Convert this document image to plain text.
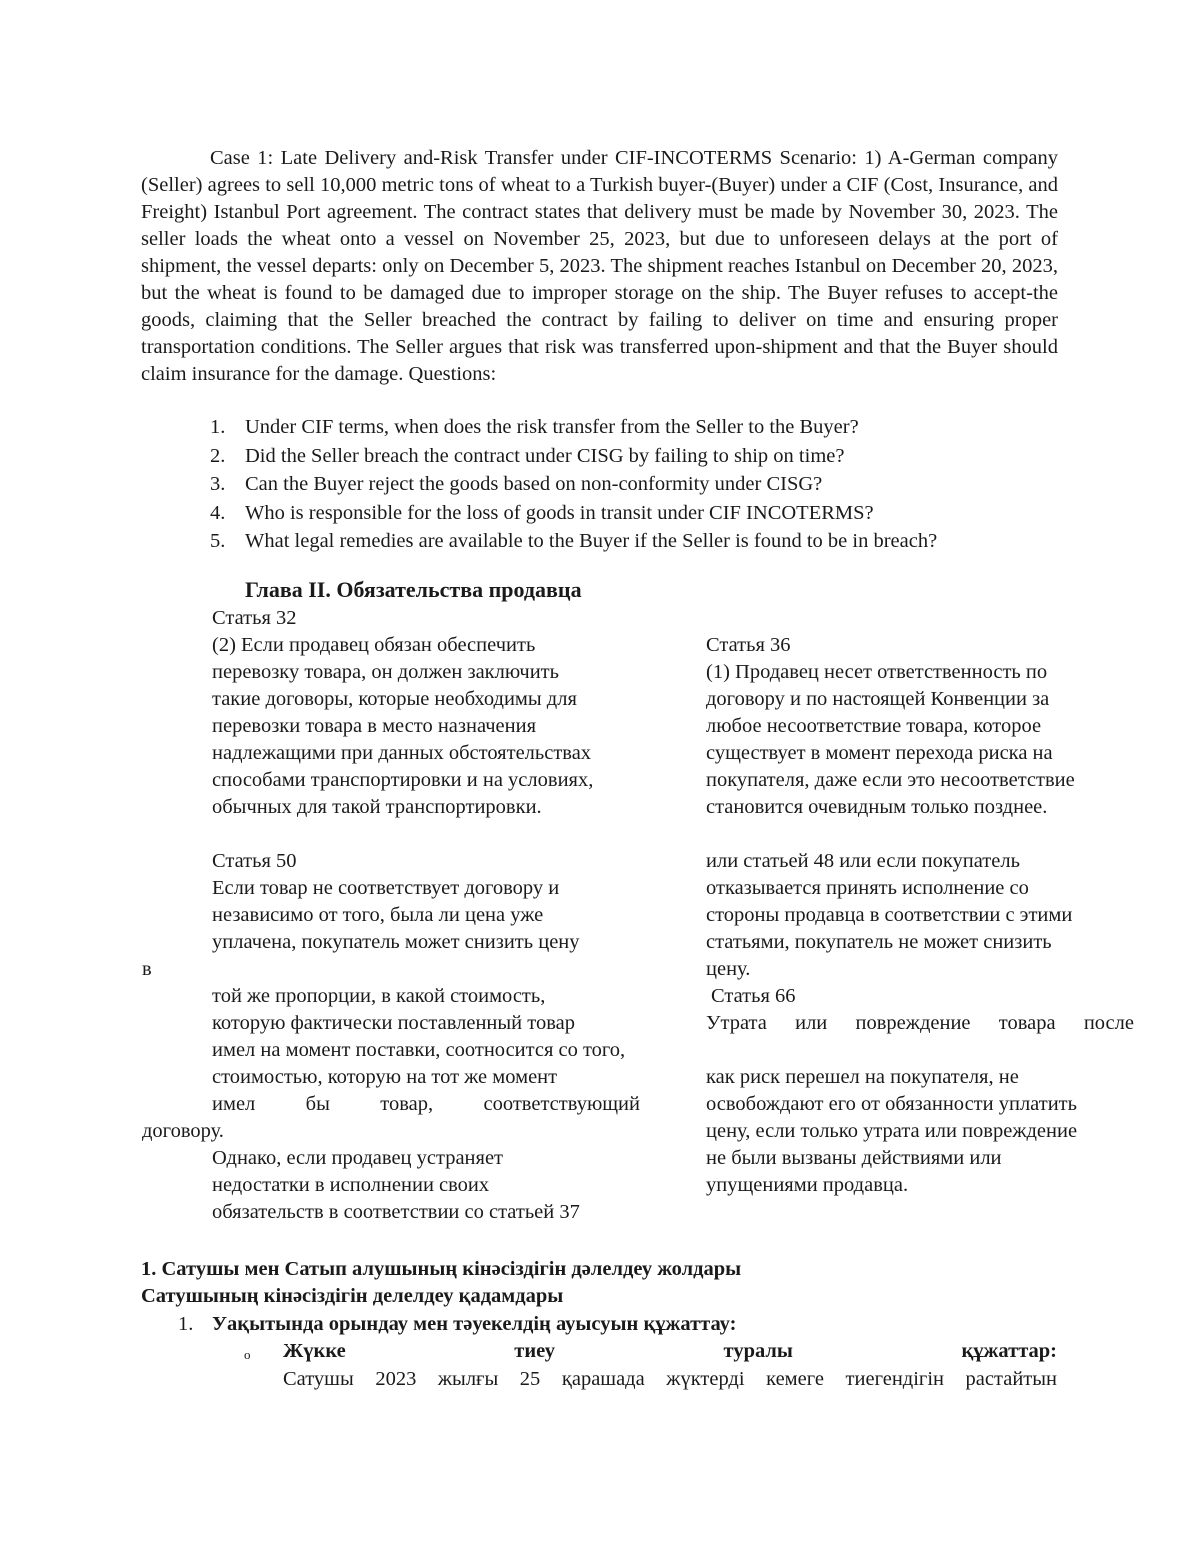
Case 1: Late Delivery and-Risk Transfer under CIF-INCOTERMS Scenario: 1) A-German company (Seller) agrees to sell 10,000 metric tons of wheat to a Turkish buyer-(Buyer) under a CIF (Cost, Insurance, and Freight) Istanbul Port agreement. The contract states that delivery must be made by November 30, 2023. The seller loads the wheat onto a vessel on November 25, 2023, but due to unforeseen delays at the port of shipment, the vessel departs: only on December 5, 2023. The shipment reaches Istanbul on December 20, 2023, but the wheat is found to be damaged due to improper storage on the ship. The Buyer refuses to accept-the goods, claiming that the Seller breached the contract by failing to deliver on time and ensuring proper transportation conditions. The Seller argues that risk was transferred upon-shipment and that the Buyer should claim insurance for the damage. Questions:
1. Under CIF terms, when does the risk transfer from the Seller to the Buyer?
2. Did the Seller breach the contract under CISG by failing to ship on time?
3. Can the Buyer reject the goods based on non-conformity under CISG?
4. Who is responsible for the loss of goods in transit under CIF INCOTERMS?
5. What legal remedies are available to the Buyer if the Seller is found to be in breach?
Глава II. Обязательства продавца
Статья 32
(2) Если продавец обязан обеспечить
перевозку товара, он должен заключить
такие договоры, которые необходимы для
перевозки товара в место назначения
надлежащими при данных обстоятельствах
способами транспортировки и на условиях,
обычных для такой транспортировки.
Статья 36
(1) Продавец несет ответственность по
договору и по настоящей Конвенции за
любое несоответствие товара, которое
существует в момент перехода риска на
покупателя, даже если это несоответствие
становится очевидным только позднее.
Статья 50
Если товар не соответствует договору и
независимо от того, была ли цена уже
уплачена, покупатель может снизить цену
в
той же пропорции, в какой стоимость,
которую фактически поставленный товар
имел на момент поставки, соотносится со того,
стоимостью, которую на тот же момент
имел бы товар, соответствующий
договору.
Однако, если продавец устраняет
недостатки в исполнении своих
обязательств в соответствии со статьей 37
или статьей 48 или если покупатель
отказывается принять исполнение со
стороны продавца в соответствии с этими
статьями, покупатель не может снизить
цену.
Статья 66
Утрата или повреждение товара после
как риск перешел на покупателя, не
освобождают его от обязанности уплатить
цену, если только утрата или повреждение
не были вызваны действиями или
упущениями продавца.
1. Сатушы мен Сатып алушының кінәсіздігін дәлелдеу жолдары
Сатушының кінәсіздігін делелдеу қадамдары
1. Уақытында орындау мен тәуекелдің ауысуын құжаттау:
o Жүкке тиеу туралы құжаттар:
Сатушы 2023 жылғы 25 қарашада жүктерді кемеге тиегендігін растайтын
